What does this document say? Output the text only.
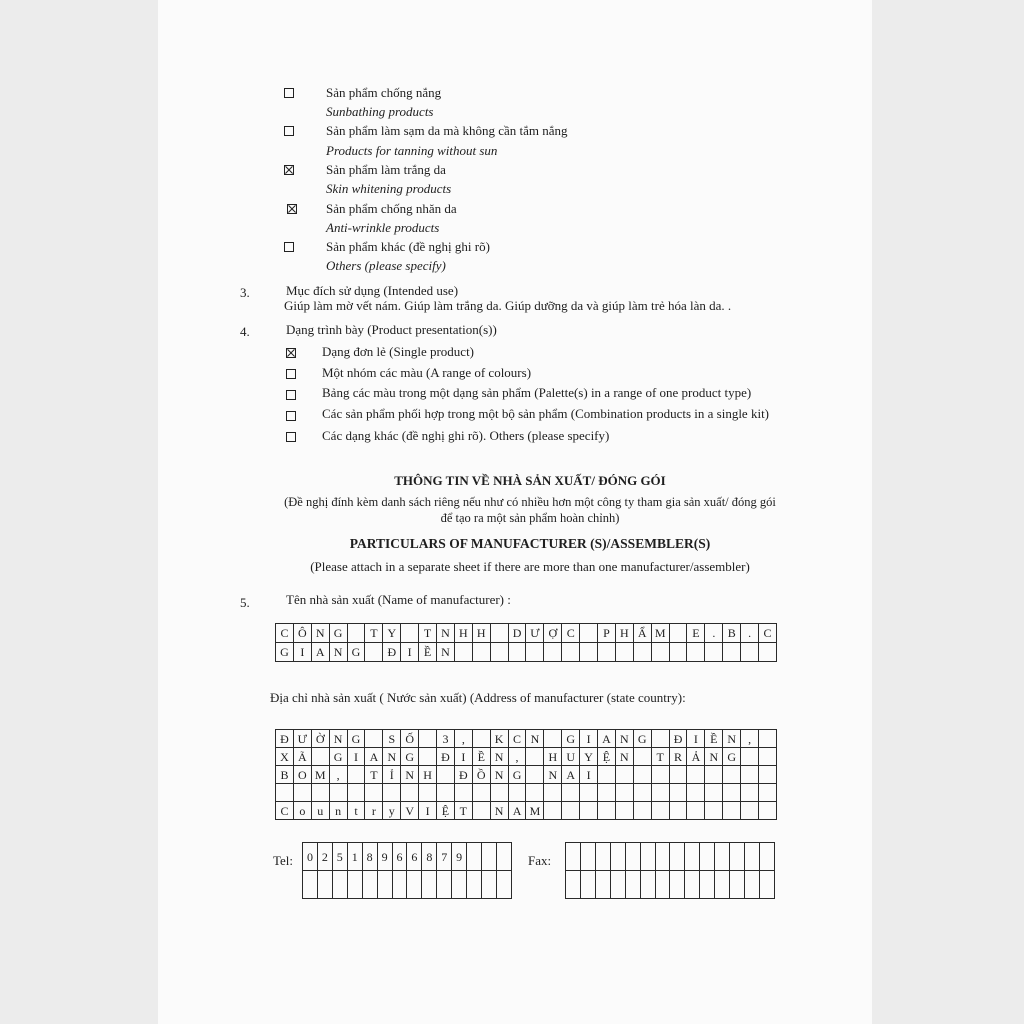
Sản phẩm chống nắng
Sunbathing products
Sản phẩm làm sạm da mà không cần tắm nắng
Products for tanning without sun
Sản phẩm làm trắng da
Skin whitening products
Sản phẩm chống nhăn da
Anti-wrinkle products
Sản phẩm khác (đề nghị ghi rõ)
Others (please specify)
3.	Mục đích sử dụng (Intended use)
Giúp làm mờ vết nám. Giúp làm trắng da. Giúp dưỡng da và giúp làm trẻ hóa làn da. .
4.	Dạng trình bày (Product presentation(s))
Dạng đơn lẻ (Single product)
Một nhóm các màu (A range of colours)
Bảng các màu trong một dạng sản phẩm (Palette(s) in a range of one product type)
Các sản phẩm phối hợp trong một bộ sản phẩm (Combination products in a single kit)
Các dạng khác (đề nghị ghi rõ). Others (please specify)
THÔNG TIN VỀ NHÀ SẢN XUẤT/ ĐÓNG GÓI
(Đề nghị đính kèm danh sách riêng nếu như có nhiều hơn một công ty tham gia sản xuất/ đóng gói
để tạo ra một sản phẩm hoàn chỉnh)
PARTICULARS OF MANUFACTURER (S)/ASSEMBLER(S)
(Please attach in a separate sheet if there are more than one manufacturer/assembler)
5.	Tên nhà sản xuất (Name of manufacturer) :
C	Ô	N	G		T	Y		T	N	H	H		D	Ư	Ợ	C		P	H	Ẩ	M		E	.	B	.	C
G	I	A	N	G		Đ	I	Ề	N																		
Địa chỉ nhà sản xuất ( Nước sản xuất) (Address of manufacturer (state country):
Đ	Ư	Ờ	N	G		S	Ố		3	,		K	C	N		G	I	A	N	G		Đ	I	Ề	N	,	
X	Ã		G	I	A	N	G		Đ	I	Ề	N	,		H	U	Y	Ệ	N		T	R	Ả	N	G		
B	O	M	,		T	Ỉ	N	H		Đ	Ồ	N	G		N	A	I										

C	o	u	n	t	r	y	V	I	Ệ	T		N	A	M													
Tel: 0	2	5	1	8	9	6	6	8	7	9			
														Fax:
